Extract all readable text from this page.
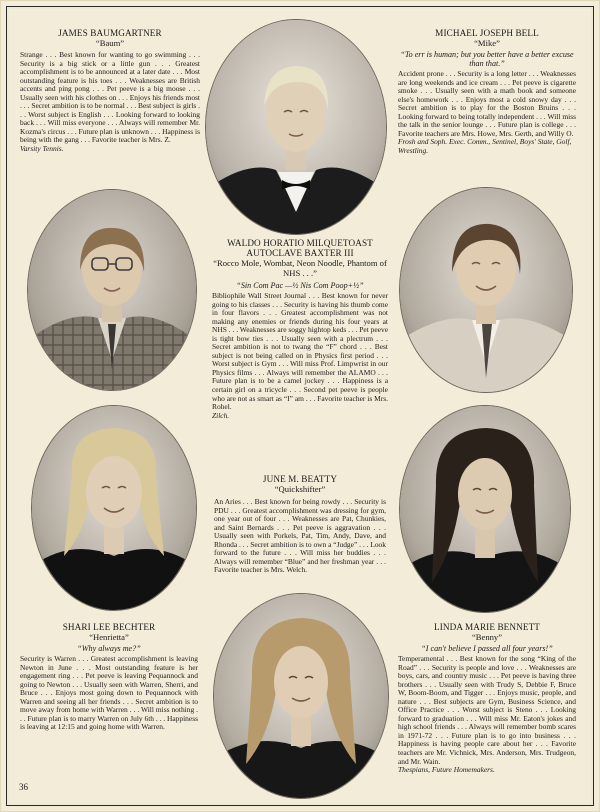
JAMES BAUMGARTNER
“Baum”
Strange . . . Best known for wanting to go swimming . . . Security is a big stick or a little gun . . . Greatest accomplishment is to be announced at a later date . . . Most outstanding feature is his toes . . . Weaknesses are British accents and ping pong . . . Pet peeve is a big moose . . . Usually seen with his clothes on . . . Enjoys his friends most . . . Secret ambition is to be normal . . . Best subject is girls . . . Worst subject is English . . . Looking forward to looking back . . . Will miss everyone . . . Always will remember Mr. Kozma's circus . . . Future plan is unknown . . . Happiness is being with the gang . . . Favorite teacher is Mrs. Z.
Varsity Tennis.
MICHAEL JOSEPH BELL
“Mike”
“To err is human; but you better have a better excuse than that.”
Accident prone . . . Security is a long letter . . . Weaknesses are long weekends and ice cream . . . Pet peeve is cigarette smoke . . . Usually seen with a math book and someone else's homework . . . Enjoys most a cold snowy day . . . Secret ambition is to play for the Boston Bruins . . . Looking forward to being totally independent . . . Will miss the talk in the senior lounge . . . Future plan is college . . . Favorite teachers are Mrs. Howe, Mrs. Gerth, and Willy O.
Frosh and Soph. Exec. Comm., Sentinel, Boys' State, Golf, Wrestling.
WALDO HORATIO MILQUETOAST
AUTOCLAVE BAXTER III
“Rocco Mole, Wombat, Neon Noodle, Phantom of NHS . . .”
“Sin Com Pac —½ Nis Com Poop+½”
Bibliophile Wall Street Journal . . . Best known for never going to his classes . . . Security is having his thumb come in four flavors . . . Greatest accomplishment was not making any enemies or friends during his four years at NHS . . . Weaknesses are soggy hightop keds . . . Pet peeve is tight bow ties . . . Usually seen with a plectrum . . . Secret ambition is not to twang the “F” chord . . . Best subject is not being called on in Physics first period . . . Worst subject is Gym . . . Will miss Prof. Limpwrist in our Physics films . . . Always will remember the ALAMO . . . Future plan is to be a camel jockey . . . Happiness is a certain girl on a tricycle . . . Second pet peeve is people who are not as smart as “I” am . . . Favorite teacher is Mrs. Rohel.
Zilch.
JUNE M. BEATTY
“Quickshifter”
An Aries . . . Best known for being rowdy . . . Security is PDU . . . Greatest accomplishment was dressing for gym, one year out of four . . . Weaknesses are Pat, Chunkies, and Saint Bernards . . . Pet peeve is aggravation . . . Usually seen with Porkels, Pat, Tim, Andy, Dave, and Rhonda . . . Secret ambition is to own a “Judge” . . . Look forward to the future . . . Will miss her buddies . . . Always will remember “Blue” and her freshman year . . . Favorite teacher is Mrs. Welch.
SHARI LEE BECHTER
“Henrietta”
“Why always me?”
Security is Warren . . . Greatest accomplishment is leaving Newton in June . . . Most outstanding feature is her engagement ring . . . Pet peeve is leaving Pequannock and going to Newton . . . Usually seen with Warren, Sherri, and Bruce . . . Enjoys most going down to Pequannock with Warren and seeing all her friends . . . Secret ambition is to move away from home with Warren . . . Will miss nothing . . . Future plan is to marry Warren on July 6th . . . Happiness is leaving at 12:15 and going home with Warren.
LINDA MARIE BENNETT
“Benny”
“I can't believe I passed all four years!”
Temperamental . . . Best known for the song “King of the Road” . . . Security is people and love . . . Weaknesses are boys, cars, and country music . . . Pet peeve is having three brothers . . . Usually seen with Trudy S, Debbie F, Bruce W, Boom-Boom, and Tigger . . . Enjoys music, people, and nature . . . Best subjects are Gym, Business Science, and Office Practice . . . Worst subject is Steno . . . Looking forward to graduation . . . Will miss Mr. Eaton's jokes and high school friends . . . Always will remember bomb scares in 1971-72 . . . Future plan is to go into business . . . Happiness is having people care about her . . . Favorite teachers are Mr. Vichnick, Mrs. Anderson, Mrs. Trudgeon, and Mr. Wain.
Thespians, Future Homemakers.
36
